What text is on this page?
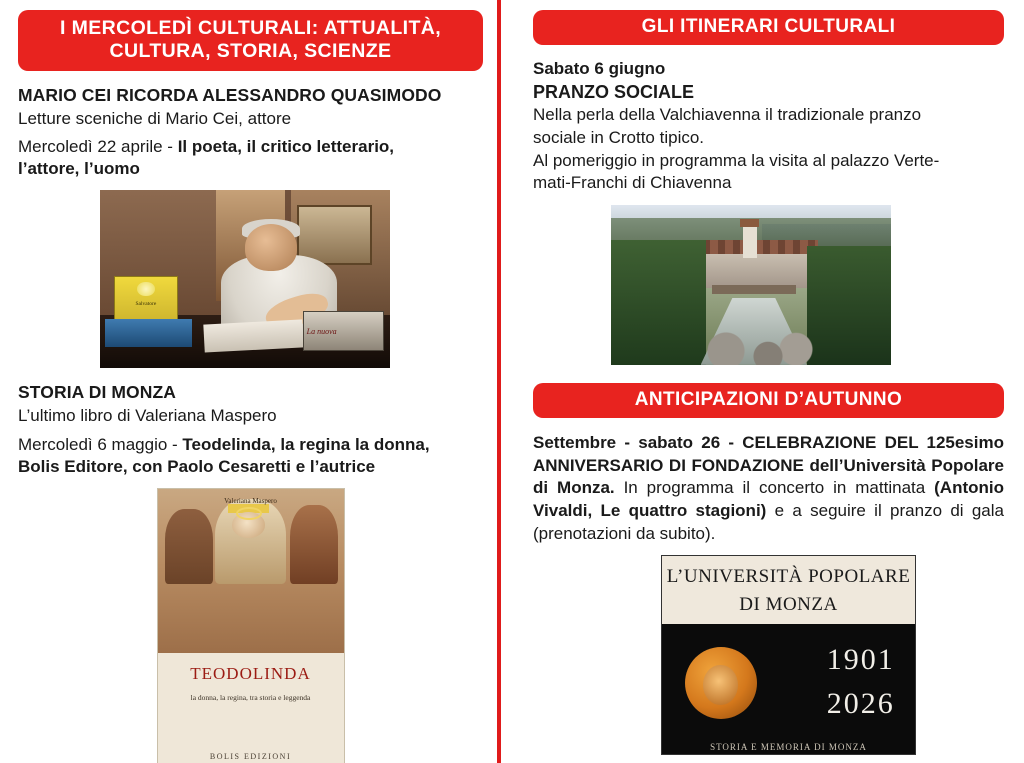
I MERCOLEDÌ CULTURALI: ATTUALITÀ,
CULTURA, STORIA, SCIENZE
MARIO CEI RICORDA ALESSANDRO QUASIMODO

Letture sceniche di Mario Cei, attore

Mercoledì 22 aprile - Il poeta, il critico letterario,

l’attore, l’uomo

Salvatore
La nuova
STORIA DI MONZA

L’ultimo libro di Valeriana Maspero

Mercoledì 6 maggio - Teodelinda, la regina la donna,

Bolis Editore, con Paolo Cesaretti e l’autrice

Valeriana Maspero
TEODOLINDA
la donna, la regina, tra storia e leggenda
BOLIS EDIZIONI
GLI ITINERARI CULTURALI

Sabato 6 giugno

PRANZO SOCIALE

Nella perla della Valchiavenna il tradizionale pranzo

sociale in Crotto tipico.

Al pomeriggio in programma la visita al palazzo Verte-

mati-Franchi di Chiavenna

ANTICIPAZIONI D’AUTUNNO

Settembre - sabato 26 - CELEBRAZIONE DEL 125esimo ANNIVERSARIO DI FONDAZIONE dell’Università Popolare di Monza. In programma il concerto in mattinata (Antonio Vivaldi, Le quattro stagioni) e a seguire il pranzo di gala (prenotazioni da subito).

L’UNIVERSITÀ POPOLARE
DI MONZA
1901
2026
STORIA E MEMORIA DI MONZA
